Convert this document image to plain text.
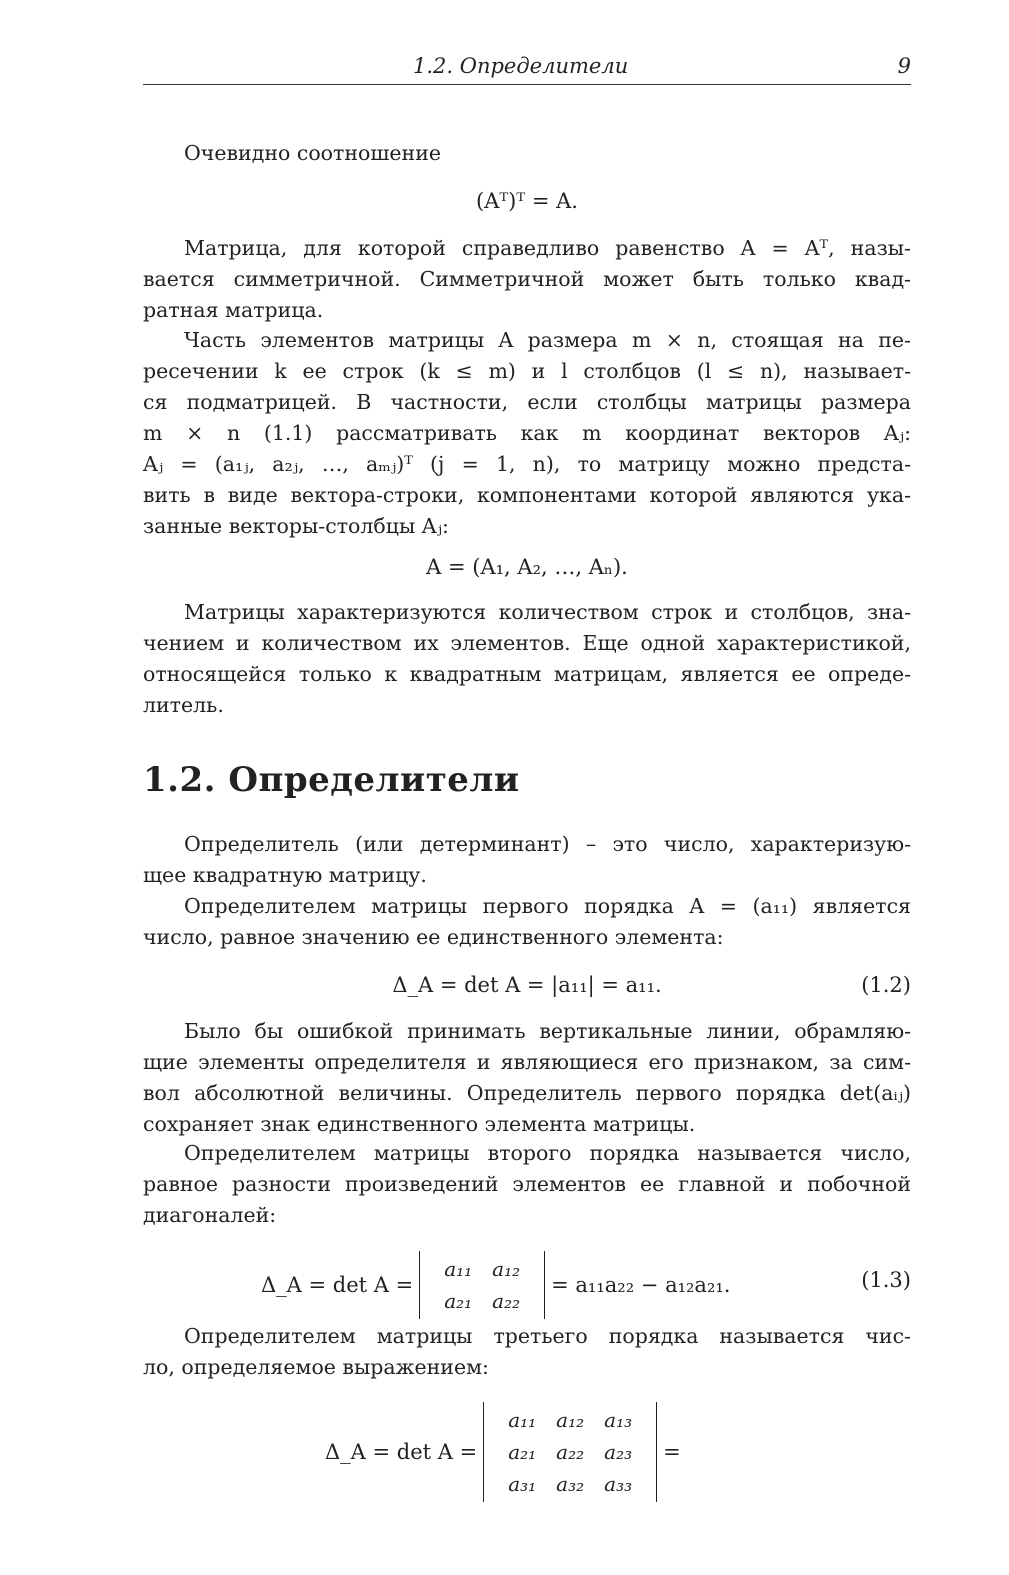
1.2. Определители	9
Очевидно соотношение
(Aᵀ)ᵀ = A.
Матрица, для которой справедливо равенство A = Aᵀ, назы-
вается симметричной. Симметричной может быть только квад-
ратная матрица.
Часть элементов матрицы A размера m × n, стоящая на пе-
ресечении k ее строк (k ≤ m) и l столбцов (l ≤ n), называет-
ся подматрицей. В частности, если столбцы матрицы размера
m × n (1.1) рассматривать как m координат векторов Aⱼ:
Aⱼ = (a₁ⱼ, a₂ⱼ, …, aₘⱼ)ᵀ (j = 1, n), то матрицу можно предста-
вить в виде вектора-строки, компонентами которой являются ука-
занные векторы-столбцы Aⱼ:
A = (A₁, A₂, …, Aₙ).
Матрицы характеризуются количеством строк и столбцов, зна-
чением и количеством их элементов. Еще одной характеристикой,
относящейся только к квадратным матрицам, является ее опреде-
литель.
1.2. Определители
Определитель (или детерминант) – это число, характеризую-
щее квадратную матрицу.
Определителем матрицы первого порядка A = (a₁₁) является
число, равное значению ее единственного элемента:
Δ_A = det A = |a₁₁| = a₁₁.	(1.2)
Было бы ошибкой принимать вертикальные линии, обрамляю-
щие элементы определителя и являющиеся его признаком, за сим-
вол абсолютной величины. Определитель первого порядка det(aᵢⱼ)
сохраняет знак единственного элемента матрицы.
Определителем матрицы второго порядка называется число,
равное разности произведений элементов ее главной и побочной
диагоналей:
Δ_A = det A =
a₁₁	a₁₂
a₂₁	a₂₂
= a₁₁a₂₂ − a₁₂a₂₁.	(1.3)
Определителем матрицы третьего порядка называется чис-
ло, определяемое выражением:
Δ_A = det A =
a₁₁	a₁₂	a₁₃
a₂₁	a₂₂	a₂₃
a₃₁	a₃₂	a₃₃
=
